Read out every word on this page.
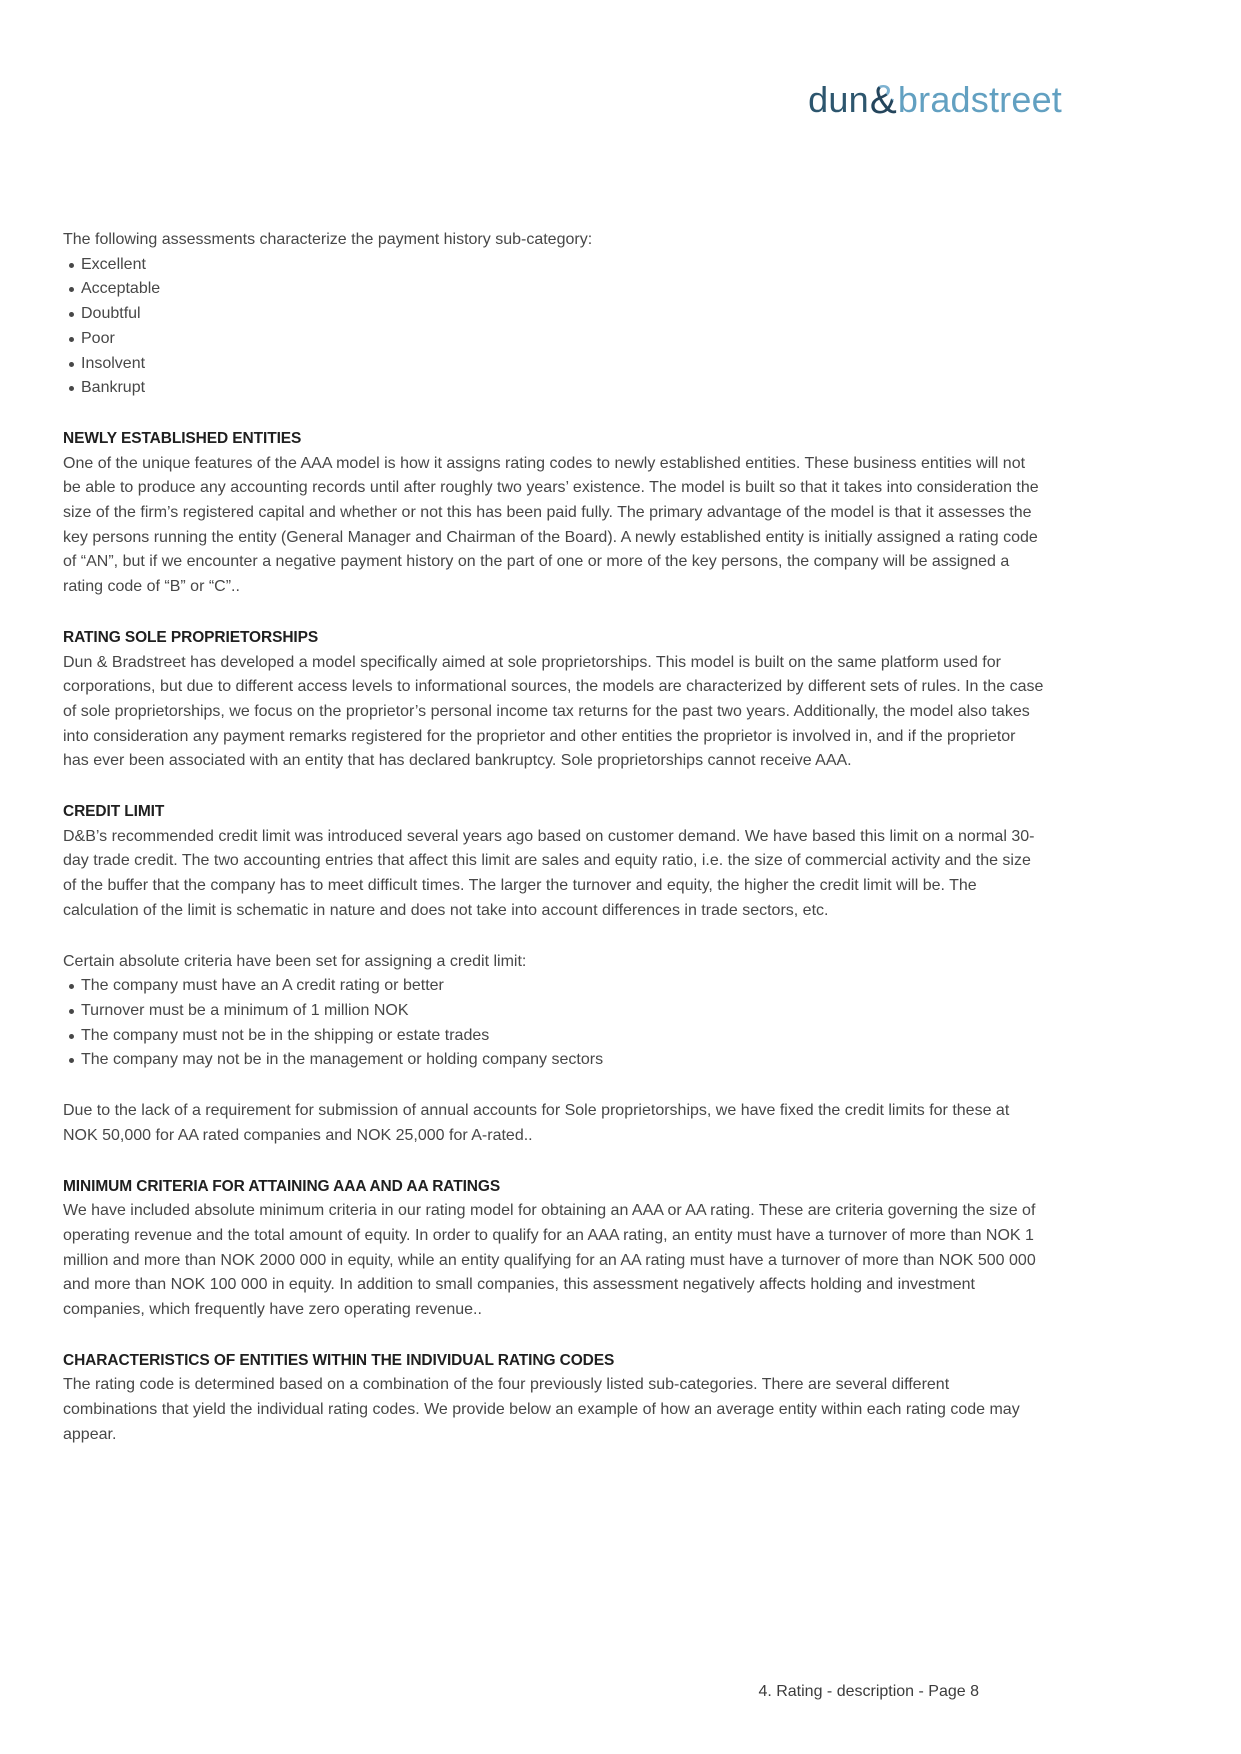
dun&bradstreet

The following assessments characterize the payment history sub-category:

Excellent
Acceptable
Doubtful
Poor
Insolvent
Bankrupt
NEWLY ESTABLISHED ENTITIES

One of the unique features of the AAA model is how it assigns rating codes to newly established entities. These business entities will not be able to produce any accounting records until after roughly two years’ existence. The model is built so that it takes into consideration the size of the firm’s registered capital and whether or not this has been paid fully. The primary advantage of the model is that it assesses the key persons running the entity (General Manager and Chairman of the Board). A newly established entity is initially assigned a rating code of “AN”, but if we encounter a negative payment history on the part of one or more of the key persons, the company will be assigned a rating code of “B” or “C”..

RATING SOLE PROPRIETORSHIPS

Dun & Bradstreet has developed a model specifically aimed at sole proprietorships. This model is built on the same platform used for corporations, but due to different access levels to informational sources, the models are characterized by different sets of rules. In the case of sole proprietorships, we focus on the proprietor’s personal income tax returns for the past two years. Additionally, the model also takes into consideration any payment remarks registered for the proprietor and other entities the proprietor is involved in, and if the proprietor has ever been associated with an entity that has declared bankruptcy. Sole proprietorships cannot receive AAA.

CREDIT LIMIT

D&B’s recommended credit limit was introduced several years ago based on customer demand. We have based this limit on a normal 30-day trade credit. The two accounting entries that affect this limit are sales and equity ratio, i.e. the size of commercial activity and the size of the buffer that the company has to meet difficult times. The larger the turnover and equity, the higher the credit limit will be. The calculation of the limit is schematic in nature and does not take into account differences in trade sectors, etc.

Certain absolute criteria have been set for assigning a credit limit:

The company must have an A credit rating or better
Turnover must be a minimum of 1 million NOK
The company must not be in the shipping or estate trades
The company may not be in the management or holding company sectors

Due to the lack of a requirement for submission of annual accounts for Sole proprietorships, we have fixed the credit limits for these at NOK 50,000 for AA rated companies and NOK 25,000 for A-rated..

MINIMUM CRITERIA FOR ATTAINING AAA AND AA RATINGS

We have included absolute minimum criteria in our rating model for obtaining an AAA or AA rating. These are criteria governing the size of operating revenue and the total amount of equity. In order to qualify for an AAA rating, an entity must have a turnover of more than NOK 1 million and more than NOK 2000 000 in equity, while an entity qualifying for an AA rating must have a turnover of more than NOK 500 000 and more than NOK 100 000 in equity. In addition to small companies, this assessment negatively affects holding and investment companies, which frequently have zero operating revenue..

CHARACTERISTICS OF ENTITIES WITHIN THE INDIVIDUAL RATING CODES

The rating code is determined based on a combination of the four previously listed sub-categories. There are several different combinations that yield the individual rating codes. We provide below an example of how an average entity within each rating code may appear.

4. Rating - description - Page 8
